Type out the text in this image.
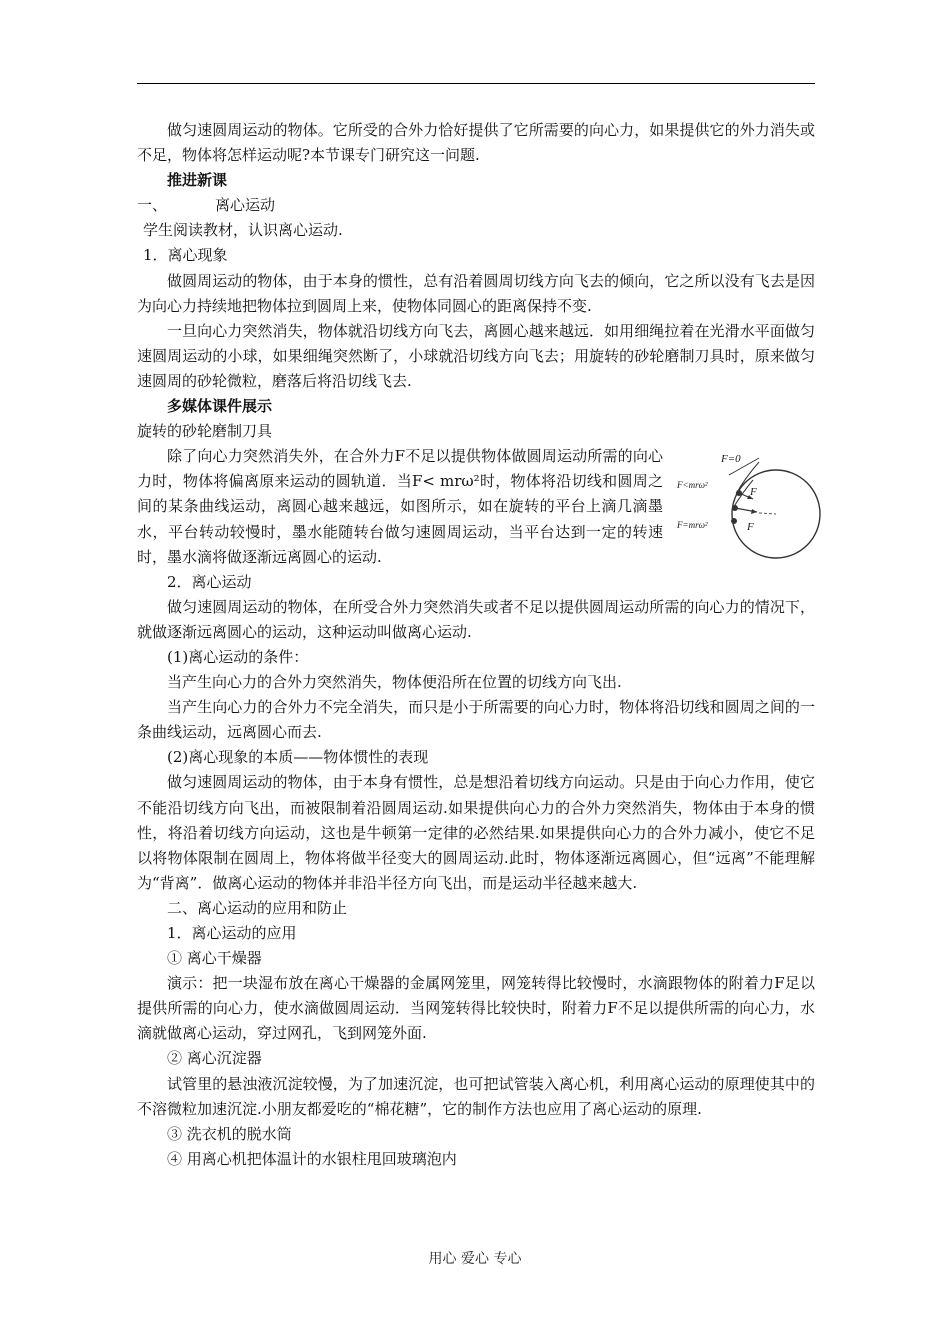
做匀速圆周运动的物体。它所受的合外力恰好提供了它所需要的向心力，如果提供它的外力消失或不足，物体将怎样运动呢?本节课专门研究这一问题.

推进新课

一、	离心运动

学生阅读教材，认识离心运动.

1．离心现象

做圆周运动的物体，由于本身的惯性，总有沿着圆周切线方向飞去的倾向，它之所以没有飞去是因为向心力持续地把物体拉到圆周上来，使物体同圆心的距离保持不变.

一旦向心力突然消失，物体就沿切线方向飞去，离圆心越来越远．如用细绳拉着在光滑水平面做匀速圆周运动的小球，如果细绳突然断了，小球就沿切线方向飞去；用旋转的砂轮磨制刀具时，原来做匀速圆周的砂轮微粒，磨落后将沿切线飞去.

多媒体课件展示

旋转的砂轮磨制刀具

F=0
F<mrω²
F=mrω²
F
F

除了向心力突然消失外，在合外力F不足以提供物体做圆周运动所需的向心力时，物体将偏离原来运动的圆轨道．当F< mrω²时，物体将沿切线和圆周之间的某条曲线运动，离圆心越来越远，如图所示，如在旋转的平台上滴几滴墨水，平台转动较慢时，墨水能随转台做匀速圆周运动，当平台达到一定的转速时，墨水滴将做逐渐远离圆心的运动.

2．离心运动

做匀速圆周运动的物体，在所受合外力突然消失或者不足以提供圆周运动所需的向心力的情况下，就做逐渐远离圆心的运动，这种运动叫做离心运动.

(1)离心运动的条件：

当产生向心力的合外力突然消失，物体便沿所在位置的切线方向飞出.

当产生向心力的合外力不完全消失，而只是小于所需要的向心力时，物体将沿切线和圆周之间的一条曲线运动，远离圆心而去.

(2)离心现象的本质——物体惯性的表现

做匀速圆周运动的物体，由于本身有惯性，总是想沿着切线方向运动。只是由于向心力作用，使它不能沿切线方向飞出，而被限制着沿圆周运动.如果提供向心力的合外力突然消失，物体由于本身的惯性，将沿着切线方向运动，这也是牛顿第一定律的必然结果.如果提供向心力的合外力减小，使它不足以将物体限制在圆周上，物体将做半径变大的圆周运动.此时，物体逐渐远离圆心，但“远离”不能理解为“背离”．做离心运动的物体并非沿半径方向飞出，而是运动半径越来越大.

二、离心运动的应用和防止

1．离心运动的应用

① 离心干燥器

演示：把一块湿布放在离心干燥器的金属网笼里，网笼转得比较慢时，水滴跟物体的附着力F足以提供所需的向心力，使水滴做圆周运动．当网笼转得比较快时，附着力F不足以提供所需的向心力，水滴就做离心运动，穿过网孔，飞到网笼外面.

② 离心沉淀器

试管里的悬浊液沉淀较慢，为了加速沉淀，也可把试管装入离心机，利用离心运动的原理使其中的不溶微粒加速沉淀.小朋友都爱吃的“棉花糖”，它的制作方法也应用了离心运动的原理.

③ 洗衣机的脱水筒

④ 用离心机把体温计的水银柱甩回玻璃泡内

用心 爱心 专心
